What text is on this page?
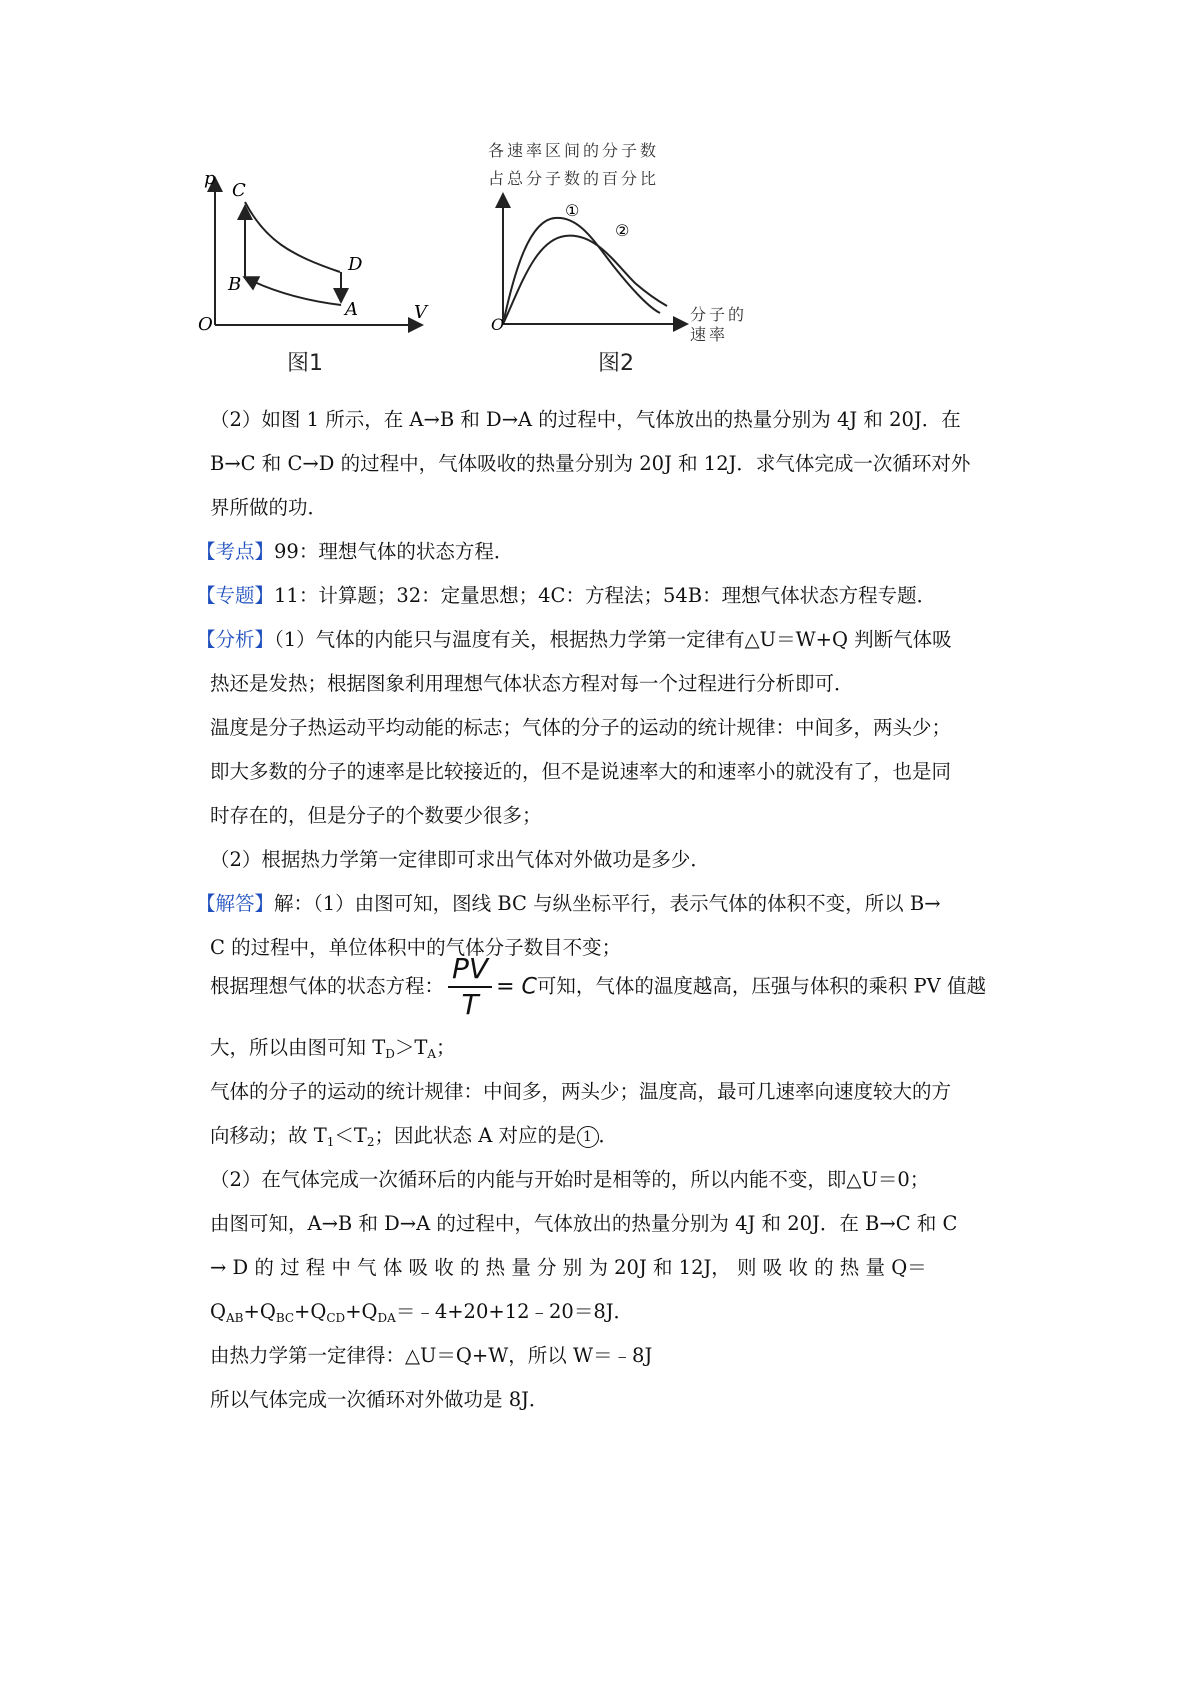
p
V
O
C
B
D
A
图1
各速率区间的分子数
占总分子数的百分比
O
①
②
分子的
速率
图2
（2）如图 1 所示，在 A→B 和 D→A 的过程中，气体放出的热量分别为 4J 和 20J．在
B→C 和 C→D 的过程中，气体吸收的热量分别为 20J 和 12J．求气体完成一次循环对外
界所做的功．
【考点】99：理想气体的状态方程．
【专题】11：计算题；32：定量思想；4C：方程法；54B：理想气体状态方程专题．
【分析】（1）气体的内能只与温度有关，根据热力学第一定律有△U＝W+Q 判断气体吸
热还是发热；根据图象利用理想气体状态方程对每一个过程进行分析即可．
温度是分子热运动平均动能的标志；气体的分子的运动的统计规律：中间多，两头少；
即大多数的分子的速率是比较接近的，但不是说速率大的和速率小的就没有了，也是同
时存在的，但是分子的个数要少很多；
（2）根据热力学第一定律即可求出气体对外做功是多少．
【解答】解：（1）由图可知，图线 BC 与纵坐标平行，表示气体的体积不变，所以 B→
C 的过程中，单位体积中的气体分子数目不变；
根据理想气体的状态方程： $\frac{PV}{T} = C$可知，气体的温度越高，压强与体积的乘积 PV 值越
大，所以由图可知 $T_D>T_A$；
气体的分子的运动的统计规律：中间多，两头少；温度高，最可几速率向速度较大的方
向移动；故 $T_1<T_2$；因此状态 A 对应的是 1 ．
（2）在气体完成一次循环后的内能与开始时是相等的，所以内能不变，即△U＝0；
由图可知，A→B 和 D→A 的过程中，气体放出的热量分别为 4J 和 20J．在 B→C 和 C
→ D 的 过 程 中 气 体 吸 收 的 热 量 分 别 为 20J 和 12J， 则 吸 收 的 热 量 Q＝
$Q_{AB}+Q_{BC}+Q_{CD}+Q_{DA}=﹣4+20+12﹣20=8J$．
由热力学第一定律得：△U＝Q+W，所以 W＝﹣8J
所以气体完成一次循环对外做功是 8J．
